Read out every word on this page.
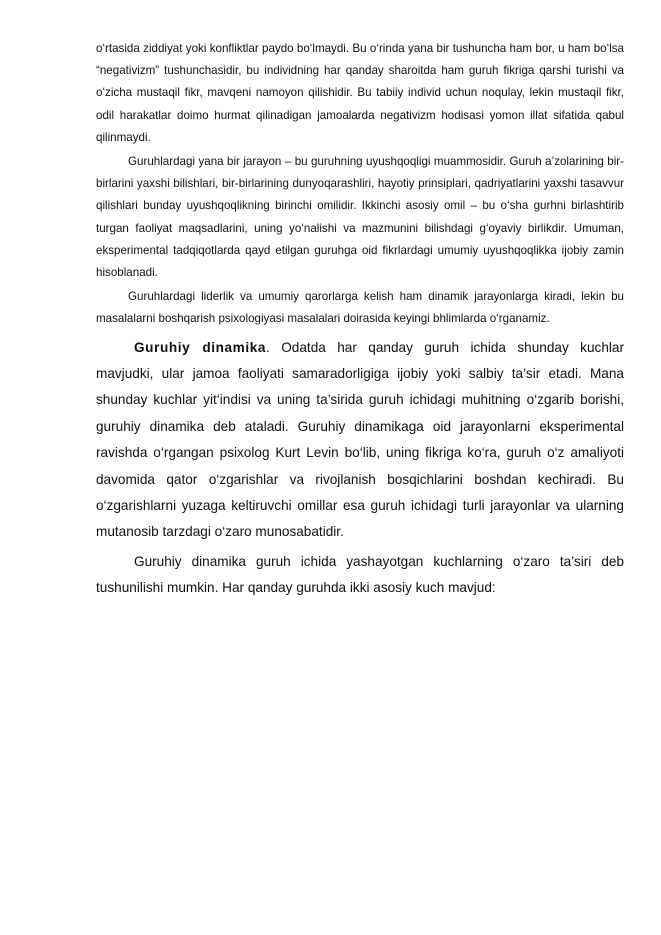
o‘rtasida ziddiyat yoki konfliktlar paydo bo‘lmaydi. Bu o‘rinda yana bir tushuncha ham bor, u ham bo‘lsa “negativizm” tushunchasidir, bu individning har qanday sharoitda ham guruh fikriga qarshi turishi va o‘zicha mustaqil fikr, mavqeni namoyon qilishidir. Bu tabiiy individ uchun noqulay, lekin mustaqil fikr, odil harakatlar doimo hurmat qilinadigan jamoalarda negativizm hodisasi yomon illat sifatida qabul qilinmaydi.

Guruhlardagi yana bir jarayon – bu guruhning uyushqoqligi muammosidir. Guruh a’zolarining bir-birlarini yaxshi bilishlari, bir-birlarining dunyoqarashliri, hayotiy prinsiplari, qadriyatlarini yaxshi tasavvur qilishlari bunday uyushqoqlikning birinchi omilidir. Ikkinchi asosiy omil – bu o‘sha gurhni birlashtirib turgan faoliyat maqsadlarini, uning yo‘nalishi va mazmunini bilishdagi g‘oyaviy birlikdir. Umuman, eksperimental tadqiqotlarda qayd etilgan guruhga oid fikrlardagi umumiy uyushqoqlikka ijobiy zamin hisoblanadi.

Guruhlardagi liderlik va umumiy qarorlarga kelish ham dinamik jarayonlarga kiradi, lekin bu masalalarni boshqarish psixologiyasi masalalari doirasida keyingi bhlimlarda o‘rganamiz.

Guruhiy dinamika. Odatda har qanday guruh ichida shunday kuchlar mavjudki, ular jamoa faoliyati samaradorligiga ijobiy yoki salbiy ta’sir etadi. Mana shunday kuchlar yit‘indisi va uning ta’siridа guruh ichidagi muhitning o‘zgarib borishi, guruhiy dinamika deb ataladi. Guruhiy dinamikaga oid jarayonlarni eksperimental ravishda o‘rgangan psixolog Kurt Levin bo‘lib, uning fikriga ko‘ra, guruh o‘z amaliyoti davomida qator o‘zgarishlar va rivojlanish bosqichlarini boshdan kechiradi. Bu o‘zgarishlarni yuzaga keltiruvchi omillar esa guruh ichidagi turli jarayonlar va ularning mutanosib tarzdagi o‘zaro munosabatidir.

Guruhiy dinamika guruh ichida yashayotgan kuchlarning o‘zaro ta’siri deb tushunilishi mumkin. Har qanday guruhda ikki asosiy kuch mavjud:
